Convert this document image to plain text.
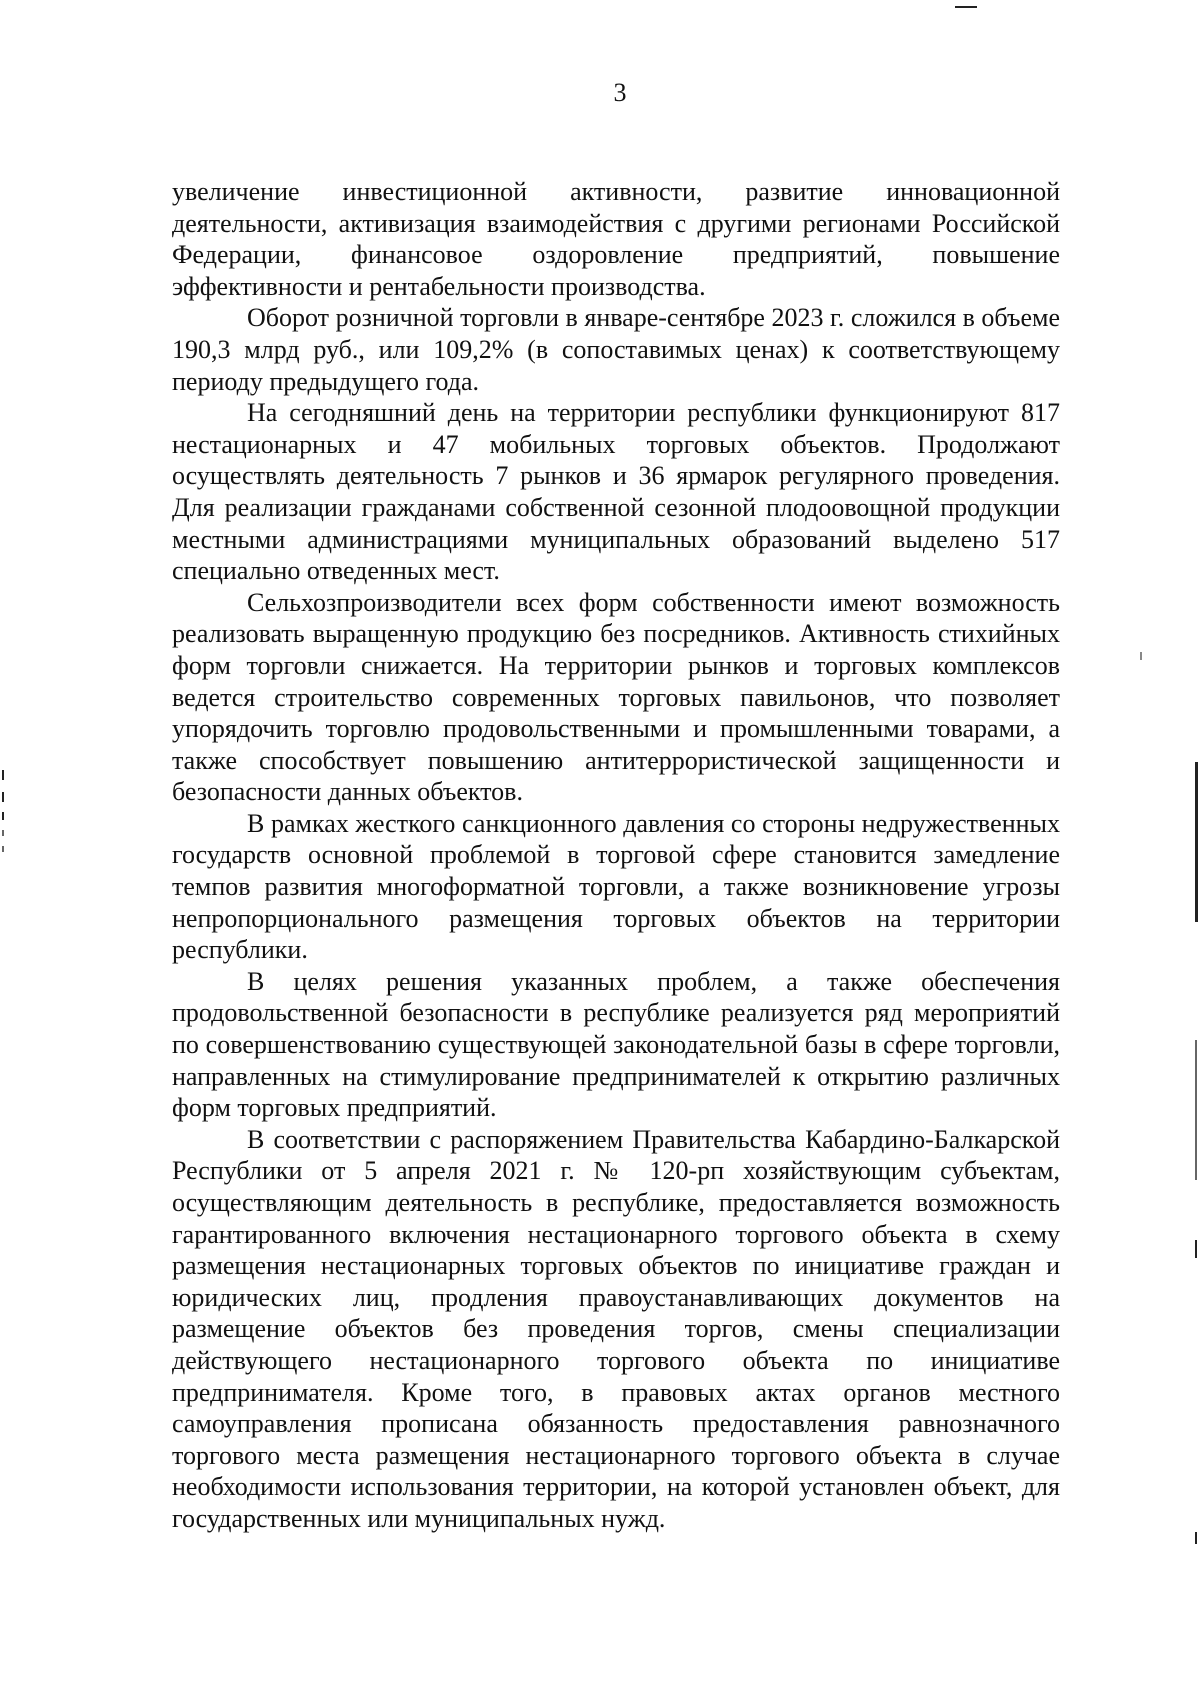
3

увеличение инвестиционной активности, развитие инновационной деятельности, активизация взаимодействия с другими регионами Российской Федерации, финансовое оздоровление предприятий, повышение эффективности и рентабельности производства.

Оборот розничной торговли в январе-сентябре 2023 г. сложился в объеме 190,3 млрд руб., или 109,2% (в сопоставимых ценах) к соответствующему периоду предыдущего года.

На сегодняшний день на территории республики функционируют 817 нестационарных и 47 мобильных торговых объектов. Продолжают осуществлять деятельность 7 рынков и 36 ярмарок регулярного проведения. Для реализации гражданами собственной сезонной плодоовощной продукции местными администрациями муниципальных образований выделено 517 специально отведенных мест.

Сельхозпроизводители всех форм собственности имеют возможность реализовать выращенную продукцию без посредников. Активность стихийных форм торговли снижается. На территории рынков и торговых комплексов ведется строительство современных торговых павильонов, что позволяет упорядочить торговлю продовольственными и промышленными товарами, а также способствует повышению антитеррористической защищенности и безопасности данных объектов.

В рамках жесткого санкционного давления со стороны недружественных государств основной проблемой в торговой сфере становится замедление темпов развития многоформатной торговли, а также возникновение угрозы непропорционального размещения торговых объектов на территории республики.

В целях решения указанных проблем, а также обеспечения продовольственной безопасности в республике реализуется ряд мероприятий по совершенствованию существующей законодательной базы в сфере торговли, направленных на стимулирование предпринимателей к открытию различных форм торговых предприятий.

В соответствии с распоряжением Правительства Кабардино-Балкарской Республики от 5 апреля 2021 г. № 120-рп хозяйствующим субъектам, осуществляющим деятельность в республике, предоставляется возможность гарантированного включения нестационарного торгового объекта в схему размещения нестационарных торговых объектов по инициативе граждан и юридических лиц, продления правоустанавливающих документов на размещение объектов без проведения торгов, смены специализации действующего нестационарного торгового объекта по инициативе предпринимателя. Кроме того, в правовых актах органов местного самоуправления прописана обязанность предоставления равнозначного торгового места размещения нестационарного торгового объекта в случае необходимости использования территории, на которой установлен объект, для государственных или муниципальных нужд.
